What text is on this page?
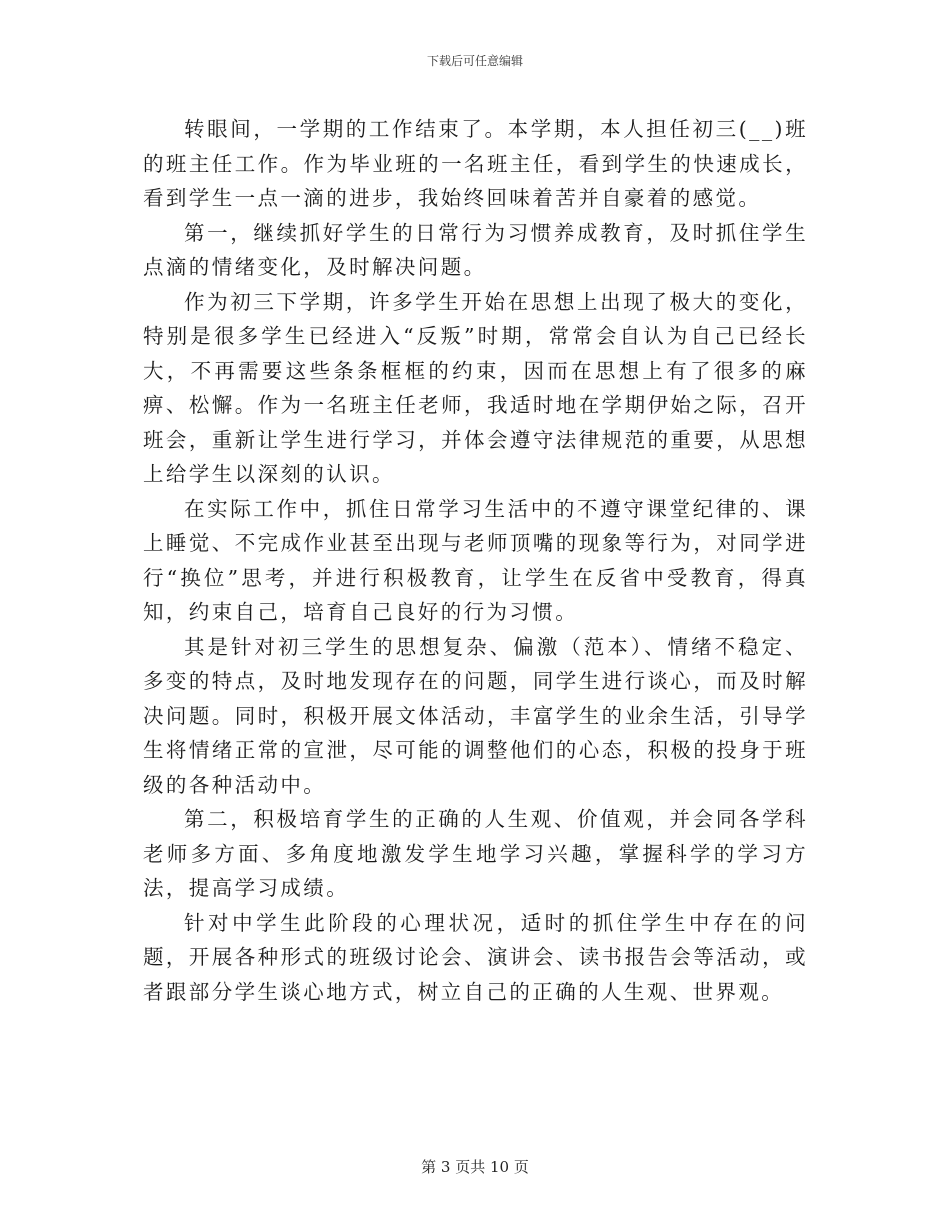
下载后可任意编辑

转眼间，一学期的工作结束了。本学期，本人担任初三(__)班的班主任工作。作为毕业班的一名班主任，看到学生的快速成长，看到学生一点一滴的进步，我始终回味着苦并自豪着的感觉。

第一，继续抓好学生的日常行为习惯养成教育，及时抓住学生点滴的情绪变化，及时解决问题。

作为初三下学期，许多学生开始在思想上出现了极大的变化，特别是很多学生已经进入“反叛”时期，常常会自认为自己已经长大，不再需要这些条条框框的约束，因而在思想上有了很多的麻痹、松懈。作为一名班主任老师，我适时地在学期伊始之际，召开班会，重新让学生进行学习，并体会遵守法律规范的重要，从思想上给学生以深刻的认识。

在实际工作中，抓住日常学习生活中的不遵守课堂纪律的、课上睡觉、不完成作业甚至出现与老师顶嘴的现象等行为，对同学进行“换位”思考，并进行积极教育，让学生在反省中受教育，得真知，约束自己，培育自己良好的行为习惯。

其是针对初三学生的思想复杂、偏激（范本）、情绪不稳定、多变的特点，及时地发现存在的问题，同学生进行谈心，而及时解决问题。同时，积极开展文体活动，丰富学生的业余生活，引导学生将情绪正常的宣泄，尽可能的调整他们的心态，积极的投身于班级的各种活动中。

第二，积极培育学生的正确的人生观、价值观，并会同各学科老师多方面、多角度地激发学生地学习兴趣，掌握科学的学习方法，提高学习成绩。

针对中学生此阶段的心理状况，适时的抓住学生中存在的问题，开展各种形式的班级讨论会、演讲会、读书报告会等活动，或者跟部分学生谈心地方式，树立自己的正确的人生观、世界观。

第 3 页共 10 页
